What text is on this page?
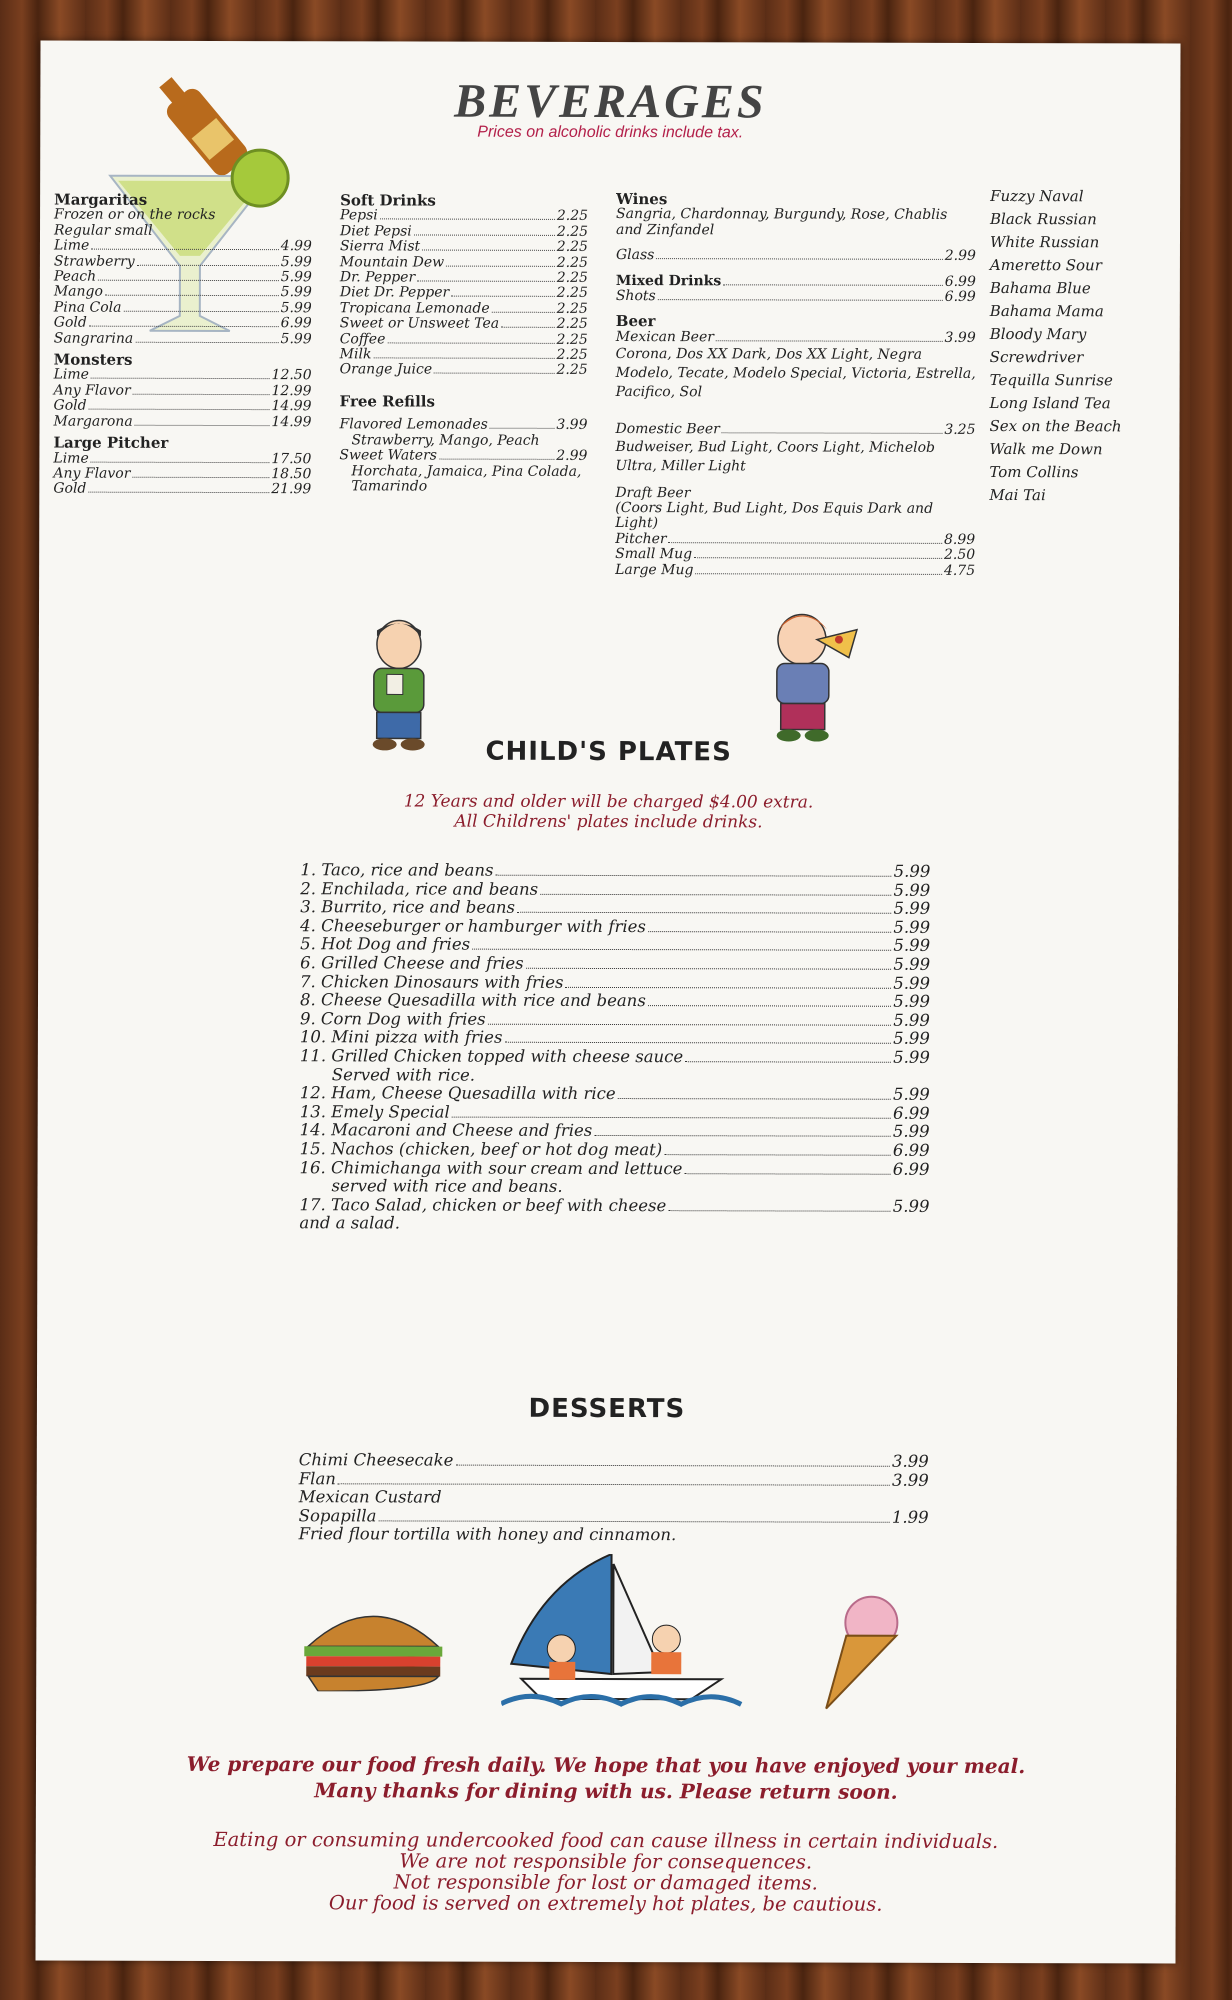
BEVERAGES
Prices on alcoholic drinks include tax.
Margaritas
Frozen or on the rocks
Regular small
Lime	4.99
Strawberry	5.99
Peach	5.99
Mango	5.99
Pina Cola	5.99
Gold	6.99
Sangrarina	5.99
Monsters
Lime	12.50
Any Flavor	12.99
Gold	14.99
Margarona	14.99
Large Pitcher
Lime	17.50
Any Flavor	18.50
Gold	21.99
Soft Drinks
Pepsi	2.25
Diet Pepsi	2.25
Sierra Mist	2.25
Mountain Dew	2.25
Dr. Pepper	2.25
Diet Dr. Pepper	2.25
Tropicana Lemonade	2.25
Sweet or Unsweet Tea	2.25
Coffee	2.25
Milk	2.25
Orange Juice	2.25
Free Refills
Flavored Lemonades	3.99
Strawberry, Mango, Peach
Sweet Waters	2.99
Horchata, Jamaica, Pina Colada, Tamarindo
Wines
Sangria, Chardonnay, Burgundy, Rose, Chablis and Zinfandel
Glass	2.99
Mixed Drinks	6.99
Shots	6.99
Beer
Mexican Beer	3.99
Corona, Dos XX Dark, Dos XX Light, Negra Modelo, Tecate, Modelo Special, Victoria, Estrella, Pacifico, Sol
Domestic Beer	3.25
Budweiser, Bud Light, Coors Light, Michelob Ultra, Miller Light
Draft Beer
(Coors Light, Bud Light, Dos Equis Dark and Light)
Pitcher	8.99
Small Mug	2.50
Large Mug	4.75
Fuzzy Naval
Black Russian
White Russian
Ameretto Sour
Bahama Blue
Bahama Mama
Bloody Mary
Screwdriver
Tequilla Sunrise
Long Island Tea
Sex on the Beach
Walk me Down
Tom Collins
Mai Tai
CHILD'S PLATES
12 Years and older will be charged $4.00 extra.
All Childrens' plates include drinks.
1. Taco, rice and beans	5.99
2. Enchilada, rice and beans	5.99
3. Burrito, rice and beans	5.99
4. Cheeseburger or hamburger with fries	5.99
5. Hot Dog and fries	5.99
6. Grilled Cheese and fries	5.99
7. Chicken Dinosaurs with fries	5.99
8. Cheese Quesadilla with rice and beans	5.99
9. Corn Dog with fries	5.99
10. Mini pizza with fries	5.99
11. Grilled Chicken topped with cheese sauce	5.99
Served with rice.
12. Ham, Cheese Quesadilla with rice	5.99
13. Emely Special	6.99
14. Macaroni and Cheese and fries	5.99
15. Nachos (chicken, beef or hot dog meat)	6.99
16. Chimichanga with sour cream and lettuce	6.99
served with rice and beans.
17. Taco Salad, chicken or beef with cheese	5.99
and a salad.
DESSERTS
Chimi Cheesecake	3.99
Flan	3.99
Mexican Custard
Sopapilla	1.99
Fried flour tortilla with honey and cinnamon.
We prepare our food fresh daily. We hope that you have enjoyed your meal.
Many thanks for dining with us. Please return soon.
Eating or consuming undercooked food can cause illness in certain individuals.
We are not responsible for consequences.
Not responsible for lost or damaged items.
Our food is served on extremely hot plates, be cautious.
